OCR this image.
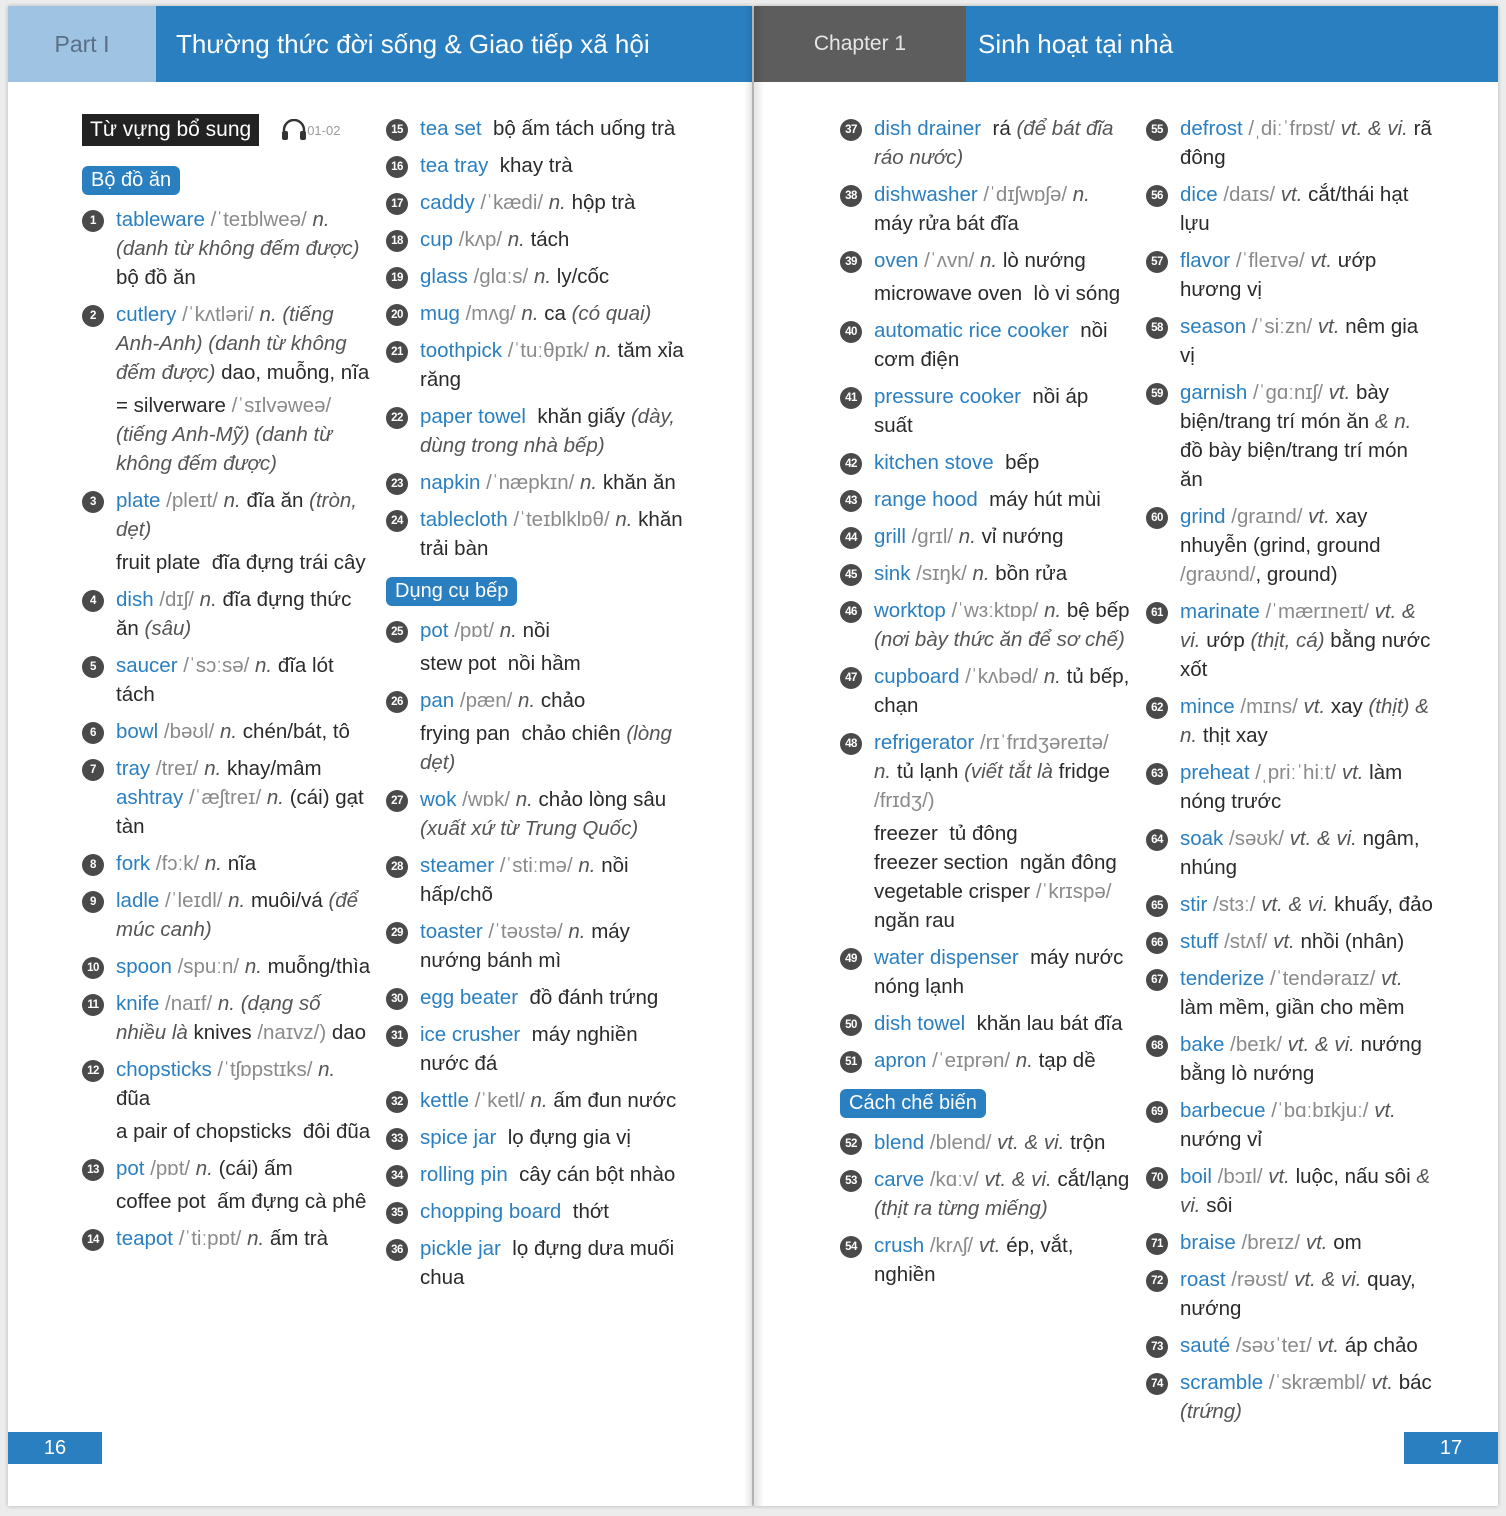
Part I	Thường thức đời sống & Giao tiếp xã hội
Từ vựng bổ sung	01-02
Bộ đồ ăn
1 tableware /ˈteɪblweə/ n. (danh từ không đếm được) bộ đồ ăn
2 cutlery /ˈkʌtləri/ n. (tiếng Anh-Anh) (danh từ không đếm được) dao, muỗng, nĩa
= silverware /ˈsɪlvəweə/ (tiếng Anh-Mỹ) (danh từ không đếm được)
3 plate /pleɪt/ n. đĩa ăn (tròn, dẹt)
fruit plate đĩa đựng trái cây
4 dish /dɪʃ/ n. đĩa đựng thức ăn (sâu)
5 saucer /ˈsɔːsə/ n. đĩa lót tách
6 bowl /bəʊl/ n. chén/bát, tô
7 tray /treɪ/ n. khay/mâm ashtray /ˈæʃtreɪ/ n. (cái) gạt tàn
8 fork /fɔːk/ n. nĩa
9 ladle /ˈleɪdl/ n. muôi/vá (để múc canh)
10 spoon /spuːn/ n. muỗng/thìa
11 knife /naɪf/ n. (dạng số nhiều là knives /naɪvz/) dao
12 chopsticks /ˈtʃɒpstɪks/ n. đũa
a pair of chopsticks đôi đũa
13 pot /pɒt/ n. (cái) ấm
coffee pot ấm đựng cà phê
14 teapot /ˈtiːpɒt/ n. ấm trà
15 tea set bộ ấm tách uống trà
16 tea tray khay trà
17 caddy /ˈkædi/ n. hộp trà
18 cup /kʌp/ n. tách
19 glass /glɑːs/ n. ly/cốc
20 mug /mʌg/ n. ca (có quai)
21 toothpick /ˈtuːθpɪk/ n. tăm xỉa răng
22 paper towel khăn giấy (dày, dùng trong nhà bếp)
23 napkin /ˈnæpkɪn/ n. khăn ăn
24 tablecloth /ˈteɪblklɒθ/ n. khăn trải bàn
Dụng cụ bếp
25 pot /pɒt/ n. nồi
stew pot nồi hầm
26 pan /pæn/ n. chảo
frying pan chảo chiên (lòng dẹt)
27 wok /wɒk/ n. chảo lòng sâu (xuất xứ từ Trung Quốc)
28 steamer /ˈstiːmə/ n. nồi hấp/chõ
29 toaster /ˈtəʊstə/ n. máy nướng bánh mì
30 egg beater đồ đánh trứng
31 ice crusher máy nghiền nước đá
32 kettle /ˈketl/ n. ấm đun nước
33 spice jar lọ đựng gia vị
34 rolling pin cây cán bột nhào
35 chopping board thớt
36 pickle jar lọ đựng dưa muối chua
16
Chapter 1	Sinh hoạt tại nhà
37 dish drainer rá (để bát đĩa ráo nước)
38 dishwasher /ˈdɪʃwɒʃə/ n. máy rửa bát đĩa
39 oven /ˈʌvn/ n. lò nướng
microwave oven lò vi sóng
40 automatic rice cooker nồi cơm điện
41 pressure cooker nồi áp suất
42 kitchen stove bếp
43 range hood máy hút mùi
44 grill /grɪl/ n. vỉ nướng
45 sink /sɪŋk/ n. bồn rửa
46 worktop /ˈwɜːktɒp/ n. bệ bếp (nơi bày thức ăn để sơ chế)
47 cupboard /ˈkʌbəd/ n. tủ bếp, chạn
48 refrigerator /rɪˈfrɪdʒəreɪtə/ n. tủ lạnh (viết tắt là fridge /frɪdʒ/)
freezer tủ đông
freezer section ngăn đông
vegetable crisper /ˈkrɪspə/ ngăn rau
49 water dispenser máy nước nóng lạnh
50 dish towel khăn lau bát đĩa
51 apron /ˈeɪprən/ n. tạp dề
Cách chế biến
52 blend /blend/ vt. & vi. trộn
53 carve /kɑːv/ vt. & vi. cắt/lạng (thịt ra từng miếng)
54 crush /krʌʃ/ vt. ép, vắt, nghiền
55 defrost /ˌdiːˈfrɒst/ vt. & vi. rã đông
56 dice /daɪs/ vt. cắt/thái hạt lựu
57 flavor /ˈfleɪvə/ vt. ướp hương vị
58 season /ˈsiːzn/ vt. nêm gia vị
59 garnish /ˈgɑːnɪʃ/ vt. bày biện/trang trí món ăn & n. đồ bày biện/trang trí món ăn
60 grind /graɪnd/ vt. xay nhuyễn (grind, ground /graʊnd/, ground)
61 marinate /ˈmærɪneɪt/ vt. & vi. ướp (thịt, cá) bằng nước xốt
62 mince /mɪns/ vt. xay (thịt) & n. thịt xay
63 preheat /ˌpriːˈhiːt/ vt. làm nóng trước
64 soak /səʊk/ vt. & vi. ngâm, nhúng
65 stir /stɜː/ vt. & vi. khuấy, đảo
66 stuff /stʌf/ vt. nhồi (nhân)
67 tenderize /ˈtendəraɪz/ vt. làm mềm, giần cho mềm
68 bake /beɪk/ vt. & vi. nướng bằng lò nướng
69 barbecue /ˈbɑːbɪkjuː/ vt. nướng vỉ
70 boil /bɔɪl/ vt. luộc, nấu sôi & vi. sôi
71 braise /breɪz/ vt. om
72 roast /rəʊst/ vt. & vi. quay, nướng
73 sauté /səʊˈteɪ/ vt. áp chảo
74 scramble /ˈskræmbl/ vt. bác (trứng)
17
